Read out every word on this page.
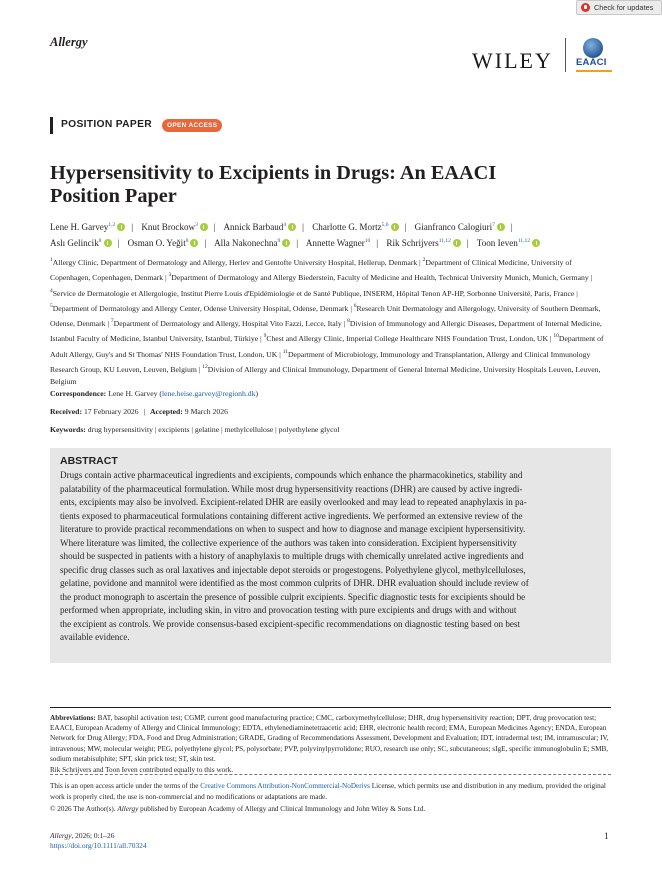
Check for updates
Allergy
WILEY EAACI
POSITION PAPER	OPEN ACCESS
Hypersensitivity to Excipients in Drugs: An EAACI
Position Paper
Lene H. Garvey$^{1,2}$ | Knut Brockow$^3$ | Annick Barbaud$^4$ | Charlotte G. Mortz$^{5,6}$ | Gianfranco Calogiuri$^7$ |
Aslı Gelincik$^8$ | Osman O. Yeğit$^8$ | Alla Nakonechna$^9$ | Annette Wagner$^{10}$ | Rik Schrijvers$^{11,12}$ | Toon Ieven$^{11,12}$
$^1$Allergy Clinic, Department of Dermatology and Allergy, Herlev and Gentofte University Hospital, Hellerup, Denmark | $^2$Department of Clinical Medicine, University of Copenhagen, Copenhagen, Denmark | $^3$Department of Dermatology and Allergy Biederstein, Faculty of Medicine and Health, Technical University Munich, Munich, Germany | $^4$Service de Dermatologie et Allergologie, Institut Pierre Louis d'Epidémiologie et de Santé Publique, INSERM, Hôpital Tenon AP-HP, Sorbonne Université, Paris, France | $^5$Department of Dermatology and Allergy Center, Odense University Hospital, Odense, Denmark | $^6$Research Unit Dermatology and Allergology, University of Southern Denmark, Odense, Denmark | $^7$Department of Dermatology and Allergy, Hospital Vito Fazzi, Lecce, Italy | $^8$Division of Immunology and Allergic Diseases, Department of Internal Medicine, Istanbul Faculty of Medicine, Istanbul University, Istanbul, Türkiye | $^9$Chest and Allergy Clinic, Imperial College Healthcare NHS Foundation Trust, London, UK | $^{10}$Department of Adult Allergy, Guy's and St Thomas' NHS Foundation Trust, London, UK | $^{11}$Department of Microbiology, Immunology and Transplantation, Allergy and Clinical Immunology Research Group, KU Leuven, Leuven, Belgium | $^{12}$Division of Allergy and Clinical Immunology, Department of General Internal Medicine, University Hospitals Leuven, Leuven, Belgium
Correspondence: Lene H. Garvey (lene.heise.garvey@regionh.dk)
Received: 17 February 2026 | Accepted: 9 March 2026
Keywords: drug hypersensitivity | excipients | gelatine | methylcellulose | polyethylene glycol
ABSTRACT
Drugs contain active pharmaceutical ingredients and excipients, compounds which enhance the pharmacokinetics, stability and
palatability of the pharmaceutical formulation. While most drug hypersensitivity reactions (DHR) are caused by active ingredi-
ents, excipients may also be involved. Excipient-related DHR are easily overlooked and may lead to repeated anaphylaxis in pa-
tients exposed to pharmaceutical formulations containing different active ingredients. We performed an extensive review of the
literature to provide practical recommendations on when to suspect and how to diagnose and manage excipient hypersensitivity.
Where literature was limited, the collective experience of the authors was taken into consideration. Excipient hypersensitivity
should be suspected in patients with a history of anaphylaxis to multiple drugs with chemically unrelated active ingredients and
specific drug classes such as oral laxatives and injectable depot steroids or progestogens. Polyethylene glycol, methylcelluloses,
gelatine, povidone and mannitol were identified as the most common culprits of DHR. DHR evaluation should include review of
the product monograph to ascertain the presence of possible culprit excipients. Specific diagnostic tests for excipients should be
performed when appropriate, including skin, in vitro and provocation testing with pure excipients and drugs with and without
the excipient as controls. We provide consensus-based excipient-specific recommendations on diagnostic testing based on best
available evidence.
Abbreviations: BAT, basophil activation test; CGMP, current good manufacturing practice; CMC, carboxymethylcellulose; DHR, drug hypersensitivity reaction; DPT, drug provocation test; EAACI, European Academy of Allergy and Clinical Immunology; EDTA, ethylenediaminetetraacetic acid; EHR, electronic health record; EMA, European Medicines Agency; ENDA, European Network for Drug Allergy; FDA, Food and Drug Administration; GRADE, Grading of Recommendations Assessment, Development and Evaluation; IDT, intradermal test; IM, intramuscular; IV, intravenous; MW, molecular weight; PEG, polyethylene glycol; PS, polysorbate; PVP, polyvinylpyrrolidone; RUO, research use only; SC, subcutaneous; sIgE, specific immunoglobulin E; SMB, sodium metabisulphite; SPT, skin prick test; ST, skin test.
Rik Schrijvers and Toon Ieven contributed equally to this work.
This is an open access article under the terms of the Creative Commons Attribution-NonCommercial-NoDerivs License, which permits use and distribution in any medium, provided the original work is properly cited, the use is non-commercial and no modifications or adaptations are made.
© 2026 The Author(s). Allergy published by European Academy of Allergy and Clinical Immunology and John Wiley & Sons Ltd.
Allergy, 2026; 0:1–26
https://doi.org/10.1111/all.70324
1
